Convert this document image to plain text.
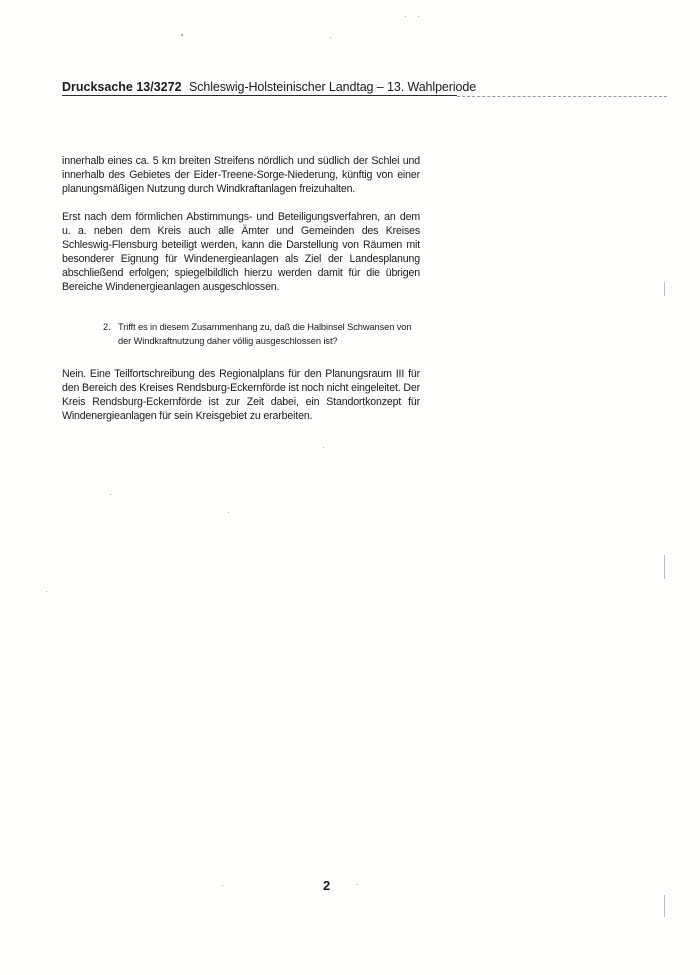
Drucksache 13/3272 Schleswig-Holsteinischer Landtag – 13. Wahlperiode

innerhalb eines ca. 5 km breiten Streifens nördlich und südlich der Schlei und innerhalb des Gebietes der Eider-Treene-Sorge-Niederung, künftig von einer planungsmäßigen Nutzung durch Windkraftanlagen freizuhalten.

Erst nach dem förmlichen Abstimmungs- und Beteiligungsverfahren, an dem u. a. neben dem Kreis auch alle Ämter und Gemeinden des Kreises Schleswig-Flensburg beteiligt werden, kann die Darstellung von Räumen mit besonderer Eignung für Windenergieanlagen als Ziel der Landesplanung abschließend erfolgen; spiegelbildlich hierzu werden damit für die übrigen Bereiche Windenergieanlagen ausgeschlossen.

2. Trifft es in diesem Zusammenhang zu, daß die Halbinsel Schwansen von der Windkraftnutzung daher völlig ausgeschlossen ist?

Nein. Eine Teilfortschreibung des Regionalplans für den Planungsraum III für den Bereich des Kreises Rendsburg-Eckernförde ist noch nicht eingeleitet. Der Kreis Rendsburg-Eckernförde ist zur Zeit dabei, ein Standortkonzept für Windenergieanlagen für sein Kreisgebiet zu erarbeiten.

2
